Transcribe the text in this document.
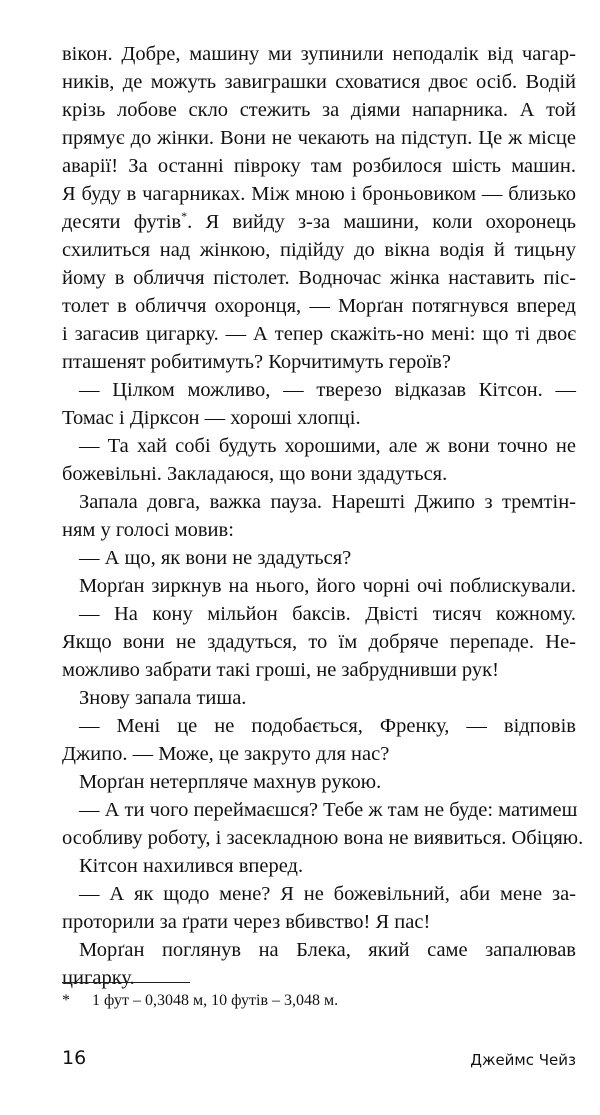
вікон. Добре, машину ми зупинили неподалік від чагар-
ників, де можуть завиграшки сховатися двоє осіб. Водій
крізь лобове скло стежить за діями напарника. А той
прямує до жінки. Вони не чекають на підступ. Це ж місце
аварії! За останні півроку там розбилося шість машин.
Я буду в чагарниках. Між мною і броньовиком — близько
десяти футів*. Я вийду з-за машини, коли охоронець
схилиться над жінкою, підійду до вікна водія й тицьну
йому в обличчя пістолет. Водночас жінка наставить піс-
толет в обличчя охоронця, — Морґан потягнувся вперед
і загасив цигарку. — А тепер скажіть-но мені: що ті двоє
пташенят робитимуть? Корчитимуть героїв?
— Цілком можливо, — тверезо відказав Кітсон. —
Томас і Дірксон — хороші хлопці.
— Та хай собі будуть хорошими, але ж вони точно не
божевільні. Закладаюся, що вони здадуться.
Запала довга, важка пауза. Нарешті Джипо з тремтін-
ням у голосі мовив:
— А що, як вони не здадуться?
Морґан зиркнув на нього, його чорні очі поблискували.
— На кону мільйон баксів. Двісті тисяч кожному.
Якщо вони не здадуться, то їм добряче перепаде. Не-
можливо забрати такі гроші, не забруднивши рук!
Знову запала тиша.
— Мені це не подобається, Френку, — відповів
Джипо. — Може, це закрутo для нас?
Морґан нетерпляче махнув рукою.
— А ти чого переймаєшся? Тебе ж там не буде: матимеш
особливу роботу, і засекладною вона не виявиться. Обіцяю.
Кітсон нахилився вперед.
— А як щодо мене? Я не божевільний, аби мене за-
проторили за ґрати через вбивство! Я пас!
Морґан поглянув на Блека, який саме запалював
цигарку.
* 1 фут – 0,3048 м, 10 футів – 3,048 м.
16	Джеймс Чейз
